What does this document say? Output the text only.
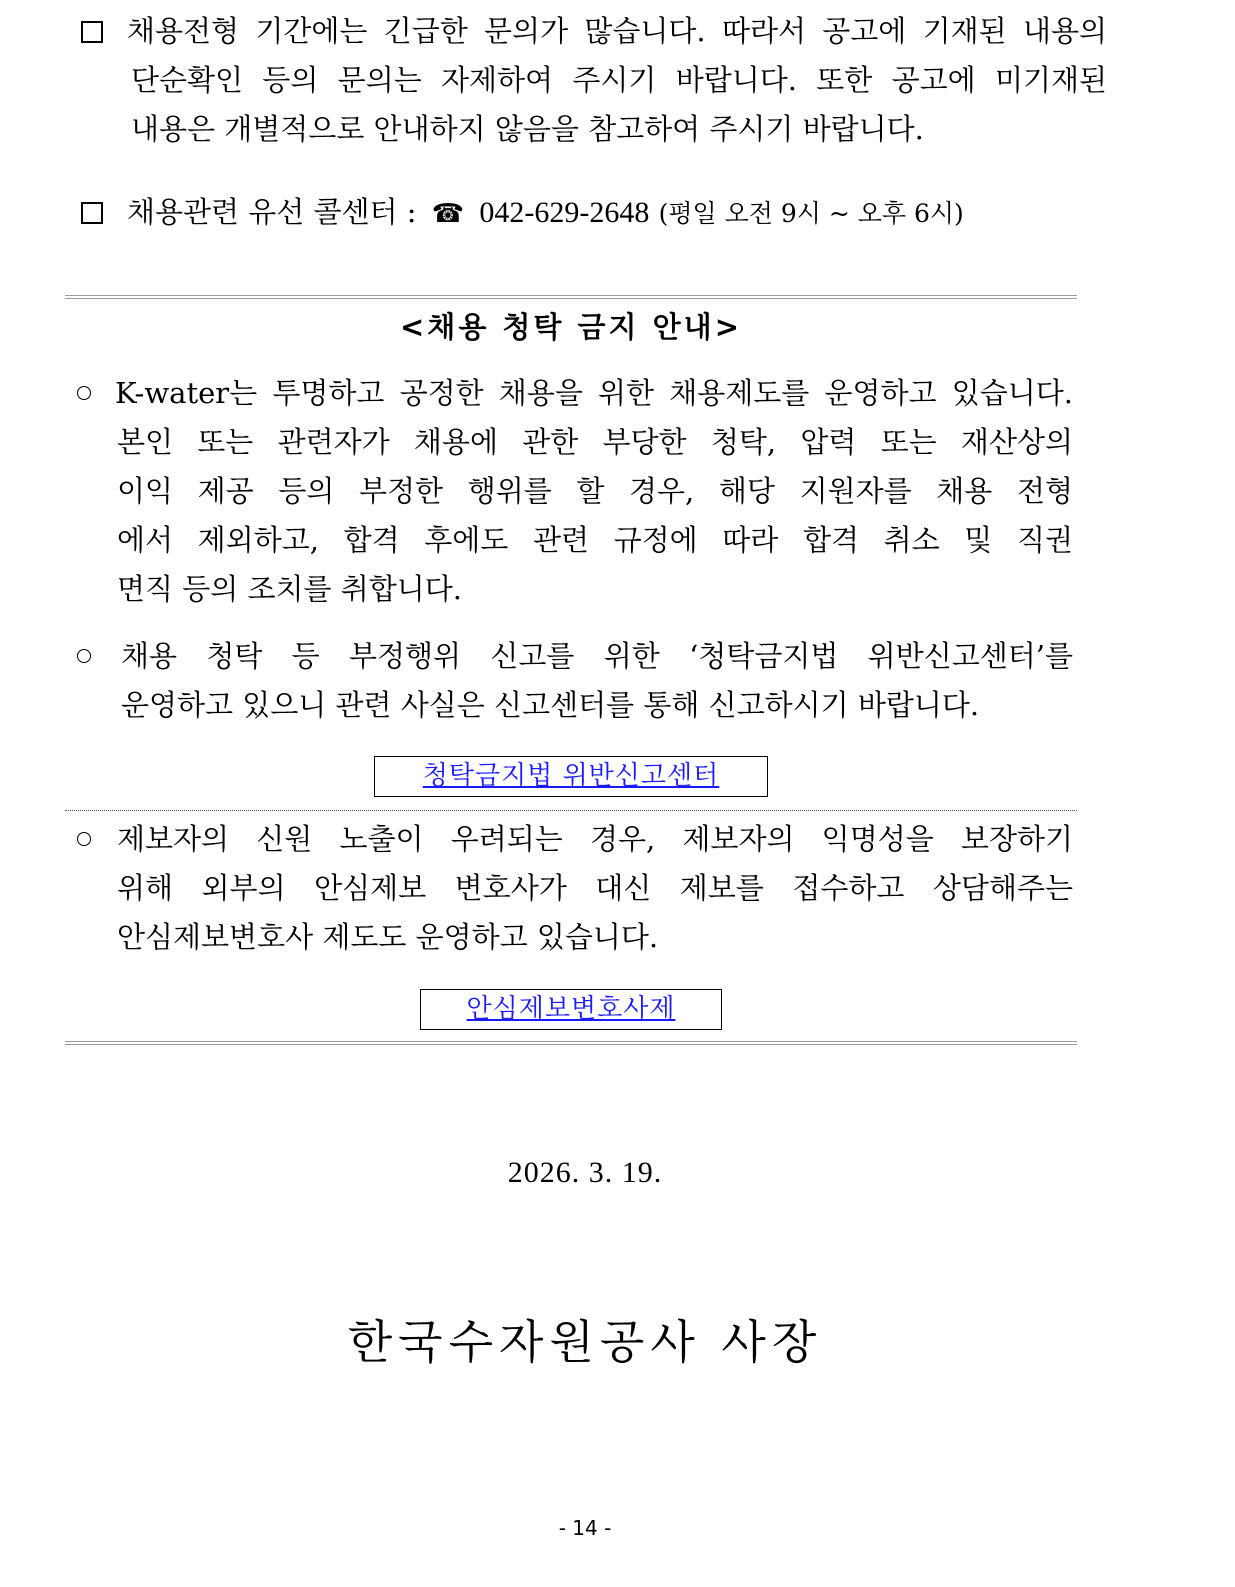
채용전형 기간에는 긴급한 문의가 많습니다. 따라서 공고에 기재된 내용의
단순확인 등의 문의는 자제하여 주시기 바랍니다. 또한 공고에 미기재된
내용은 개별적으로 안내하지 않음을 참고하여 주시기 바랍니다.
채용관련 유선 콜센터 : ☎ 042-629-2648 (평일 오전 9시 ~ 오후 6시)
<채용 청탁 금지 안내>
K-water는 투명하고 공정한 채용을 위한 채용제도를 운영하고 있습니다.
본인 또는 관련자가 채용에 관한 부당한 청탁, 압력 또는 재산상의
이익 제공 등의 부정한 행위를 할 경우, 해당 지원자를 채용 전형
에서 제외하고, 합격 후에도 관련 규정에 따라 합격 취소 및 직권
면직 등의 조치를 취합니다.
채용 청탁 등 부정행위 신고를 위한 ‘청탁금지법 위반신고센터’를
운영하고 있으니 관련 사실은 신고센터를 통해 신고하시기 바랍니다.
청탁금지법 위반신고센터
제보자의 신원 노출이 우려되는 경우, 제보자의 익명성을 보장하기
위해 외부의 안심제보 변호사가 대신 제보를 접수하고 상담해주는
안심제보변호사 제도도 운영하고 있습니다.
안심제보변호사제
2026. 3. 19.
한국수자원공사 사장
- 14 -
